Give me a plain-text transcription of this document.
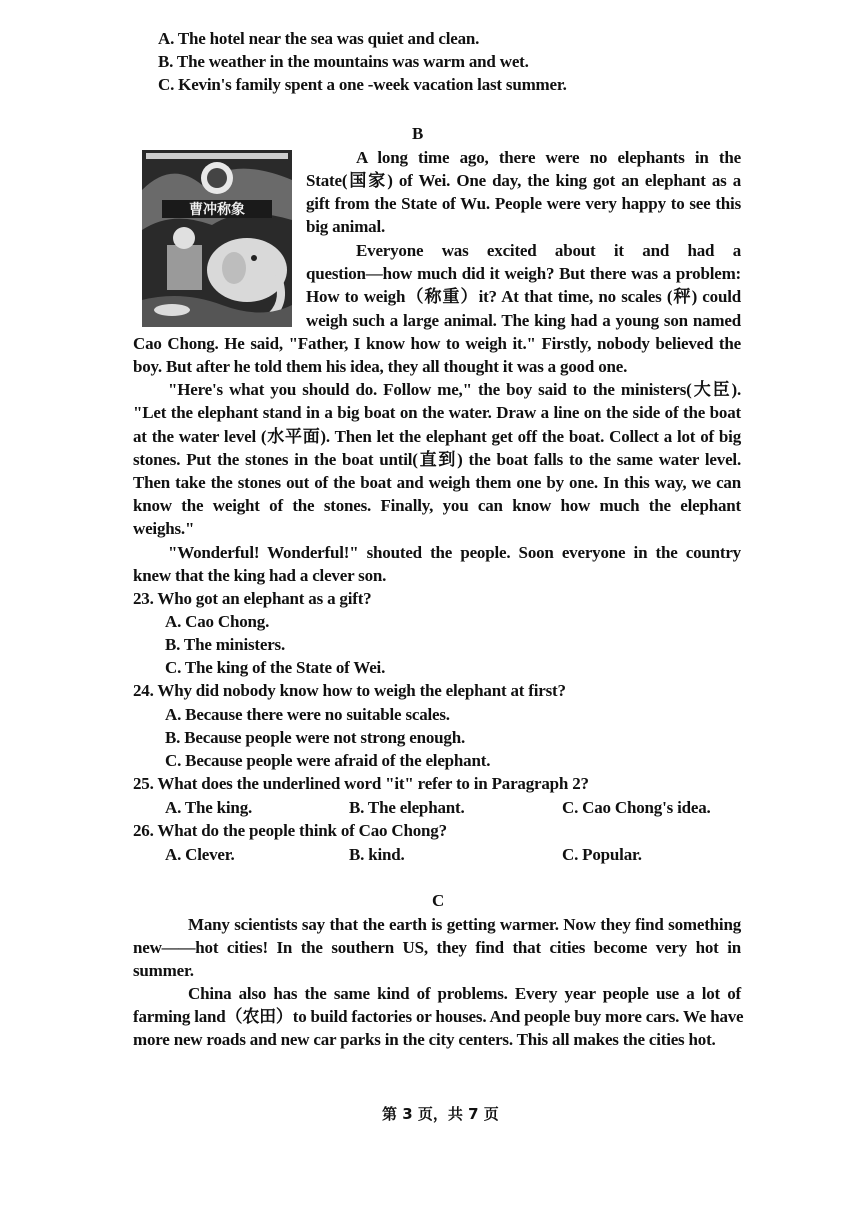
A. The hotel near the sea was quiet and clean.
B. The weather in the mountains was warm and wet.
C. Kevin's family spent a one -week vacation last summer.
B
曹冲称象
A long time ago, there were no elephants in the
State(国家) of Wei. One day, the king got an elephant as a
gift from the State of Wu. People were very happy to see this
big animal.
Everyone was excited about it and had a
question—how much did it weigh? But there was a problem:
How to weigh（称重）it? At that time, no scales (秤) could
weigh such a large animal. The king had a young son named
Cao Chong. He said, "Father, I know how to weigh it." Firstly, nobody believed the
boy. But after he told them his idea, they all thought it was a good one.
"Here's what you should do. Follow me," the boy said to the ministers(大臣).
"Let the elephant stand in a big boat on the water. Draw a line on the side of the boat
at the water level (水平面). Then let the elephant get off the boat. Collect a lot of big
stones. Put the stones in the boat until(直到) the boat falls to the same water level.
Then take the stones out of the boat and weigh them one by one. In this way, we can
know the weight of the stones. Finally, you can know how much the elephant
weighs."
"Wonderful! Wonderful!" shouted the people. Soon everyone in the country
knew that the king had a clever son.
23. Who got an elephant as a gift?
A. Cao Chong.
B. The ministers.
C. The king of the State of Wei.
24. Why did nobody know how to weigh the elephant at first?
A. Because there were no suitable scales.
B. Because people were not strong enough.
C. Because people were afraid of the elephant.
25. What does the underlined word "it" refer to in Paragraph 2?
A. The king.	B. The elephant.	C. Cao Chong's idea.
26. What do the people think of Cao Chong?
A. Clever.	B. kind.	C. Popular.
C
Many scientists say that the earth is getting warmer. Now they find something
new——hot cities! In the southern US, they find that cities become very hot in
summer.
China also has the same kind of problems. Every year people use a lot of
farming land（农田）to build factories or houses. And people buy more cars. We have
more new roads and new car parks in the city centers. This all makes the cities hot.
第 3 页，共 7 页
